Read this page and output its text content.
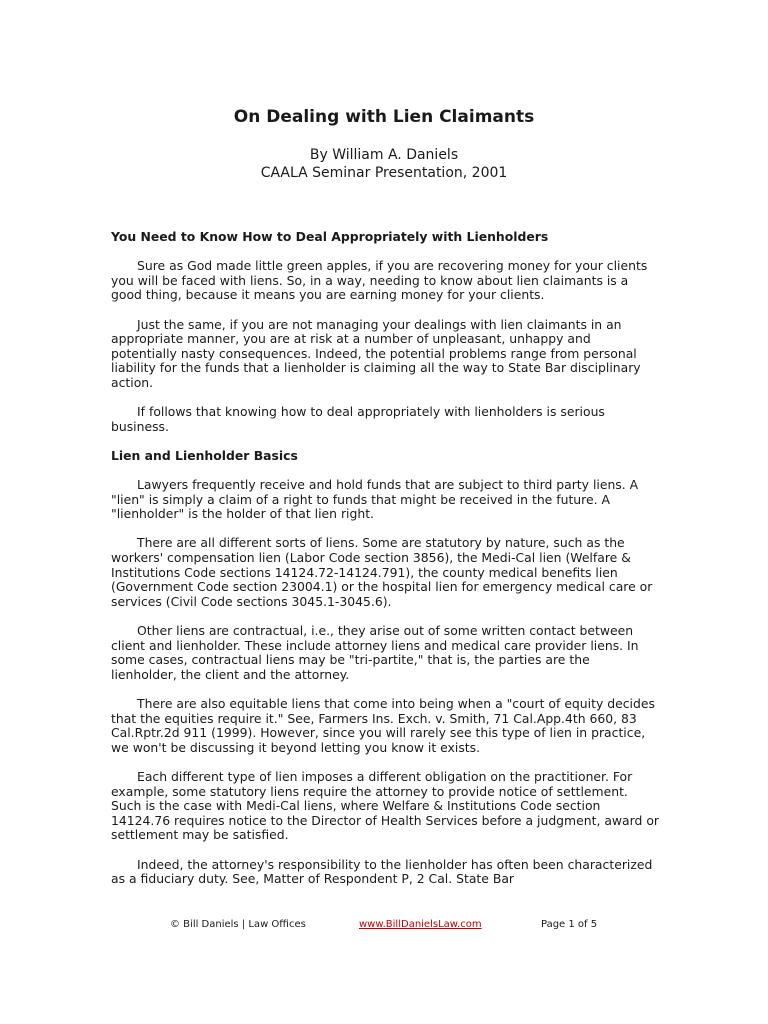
On Dealing with Lien Claimants
By William A. Daniels
CAALA Seminar Presentation, 2001
You Need to Know How to Deal Appropriately with Lienholders

Sure as God made little green apples, if you are recovering money for your clients you will be faced with liens. So, in a way, needing to know about lien claimants is a good thing, because it means you are earning money for your clients.

Just the same, if you are not managing your dealings with lien claimants in an appropriate manner, you are at risk at a number of unpleasant, unhappy and potentially nasty consequences. Indeed, the potential problems range from personal liability for the funds that a lienholder is claiming all the way to State Bar disciplinary action.

If follows that knowing how to deal appropriately with lienholders is serious business.

Lien and Lienholder Basics

Lawyers frequently receive and hold funds that are subject to third party liens. A "lien" is simply a claim of a right to funds that might be received in the future. A "lienholder" is the holder of that lien right.

There are all different sorts of liens. Some are statutory by nature, such as the workers' compensation lien (Labor Code section 3856), the Medi-Cal lien (Welfare & Institutions Code sections 14124.72-14124.791), the county medical benefits lien (Government Code section 23004.1) or the hospital lien for emergency medical care or services (Civil Code sections 3045.1-3045.6).

Other liens are contractual, i.e., they arise out of some written contact between client and lienholder. These include attorney liens and medical care provider liens. In some cases, contractual liens may be "tri-partite," that is, the parties are the lienholder, the client and the attorney.

There are also equitable liens that come into being when a "court of equity decides that the equities require it." See, Farmers Ins. Exch. v. Smith, 71 Cal.App.4th 660, 83 Cal.Rptr.2d 911 (1999). However, since you will rarely see this type of lien in practice, we won't be discussing it beyond letting you know it exists.

Each different type of lien imposes a different obligation on the practitioner. For example, some statutory liens require the attorney to provide notice of settlement. Such is the case with Medi-Cal liens, where Welfare & Institutions Code section 14124.76 requires notice to the Director of Health Services before a judgment, award or settlement may be satisfied.

Indeed, the attorney's responsibility to the lienholder has often been characterized as a fiduciary duty. See, Matter of Respondent P, 2 Cal. State Bar

© Bill Daniels | Law Offices	www.BillDanielsLaw.com	Page 1 of 5
